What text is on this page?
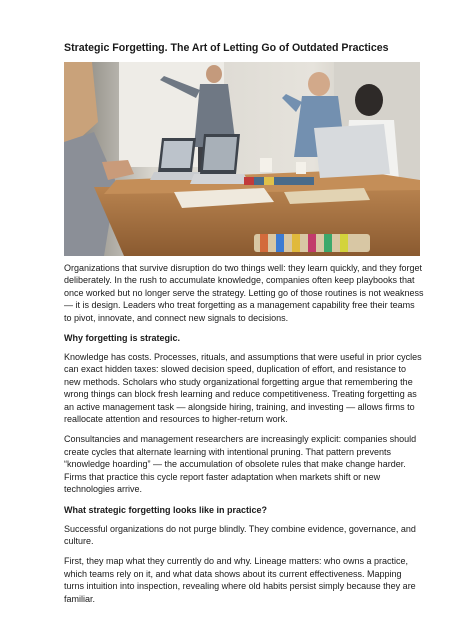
Strategic Forgetting. The Art of Letting Go of Outdated Practices

Organizations that survive disruption do two things well: they learn quickly, and they forget deliberately. In the rush to accumulate knowledge, companies often keep playbooks that once worked but no longer serve the strategy. Letting go of those routines is not weakness — it is design. Leaders who treat forgetting as a management capability free their teams to pivot, innovate, and connect new signals to decisions.

Why forgetting is strategic.

Knowledge has costs. Processes, rituals, and assumptions that were useful in prior cycles can exact hidden taxes: slowed decision speed, duplication of effort, and resistance to new methods. Scholars who study organizational forgetting argue that remembering the wrong things can block fresh learning and reduce competitiveness. Treating forgetting as an active management task — alongside hiring, training, and investing — allows firms to reallocate attention and resources to higher-return work.

Consultancies and management researchers are increasingly explicit: companies should create cycles that alternate learning with intentional pruning. That pattern prevents “knowledge hoarding” — the accumulation of obsolete rules that make change harder. Firms that practice this cycle report faster adaptation when markets shift or new technologies arrive.

What strategic forgetting looks like in practice?

Successful organizations do not purge blindly. They combine evidence, governance, and culture.

First, they map what they currently do and why. Lineage matters: who owns a practice, which teams rely on it, and what data shows about its current effectiveness. Mapping turns intuition into inspection, revealing where old habits persist simply because they are familiar.
